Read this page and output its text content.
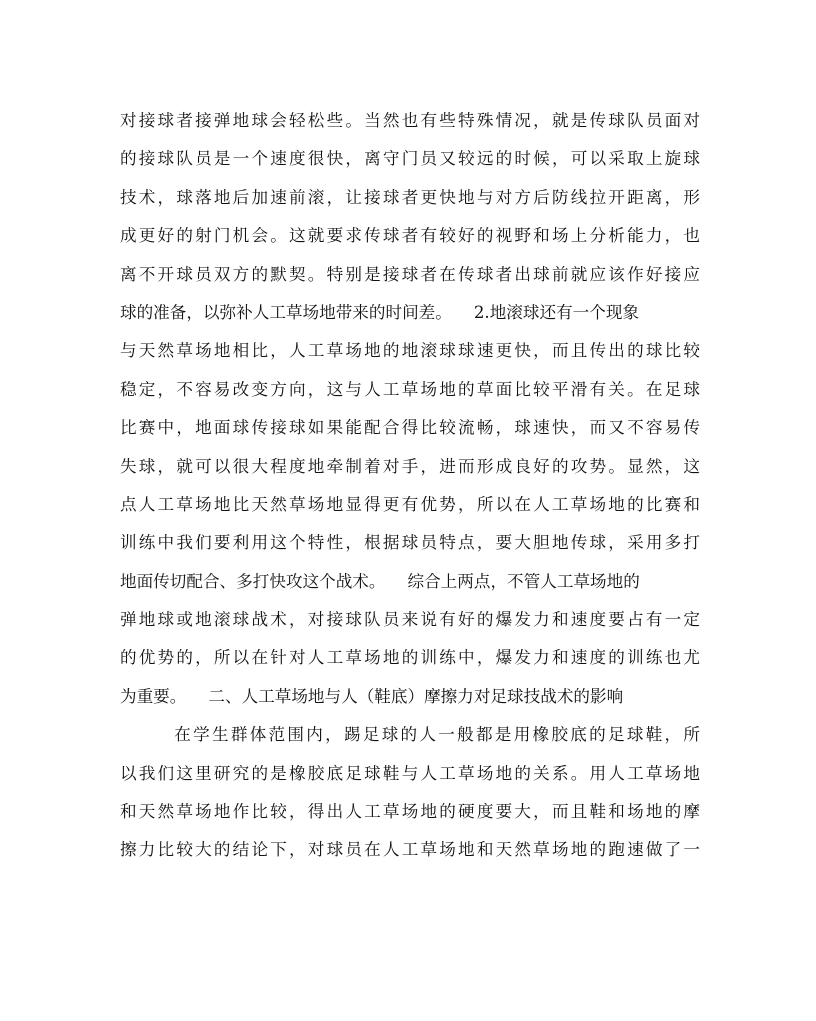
对接球者接弹地球会轻松些。当然也有些特殊情况，就是传球队员面对
的接球队员是一个速度很快，离守门员又较远的时候，可以采取上旋球
技术，球落地后加速前滚，让接球者更快地与对方后防线拉开距离，形
成更好的射门机会。这就要求传球者有较好的视野和场上分析能力，也
离不开球员双方的默契。特别是接球者在传球者出球前就应该作好接应
球的准备，以弥补人工草场地带来的时间差。 2.地滚球还有一个现象
与天然草场地相比，人工草场地的地滚球球速更快，而且传出的球比较
稳定，不容易改变方向，这与人工草场地的草面比较平滑有关。在足球
比赛中，地面球传接球如果能配合得比较流畅，球速快，而又不容易传
失球，就可以很大程度地牵制着对手，进而形成良好的攻势。显然，这
点人工草场地比天然草场地显得更有优势，所以在人工草场地的比赛和
训练中我们要利用这个特性，根据球员特点，要大胆地传球，采用多打
地面传切配合、多打快攻这个战术。 综合上两点，不管人工草场地的
弹地球或地滚球战术，对接球队员来说有好的爆发力和速度要占有一定
的优势的，所以在针对人工草场地的训练中，爆发力和速度的训练也尤
为重要。 二、人工草场地与人（鞋底）摩擦力对足球技战术的影响
在学生群体范围内，踢足球的人一般都是用橡胶底的足球鞋，所
以我们这里研究的是橡胶底足球鞋与人工草场地的关系。用人工草场地
和天然草场地作比较，得出人工草场地的硬度要大，而且鞋和场地的摩
擦力比较大的结论下，对球员在人工草场地和天然草场地的跑速做了一
